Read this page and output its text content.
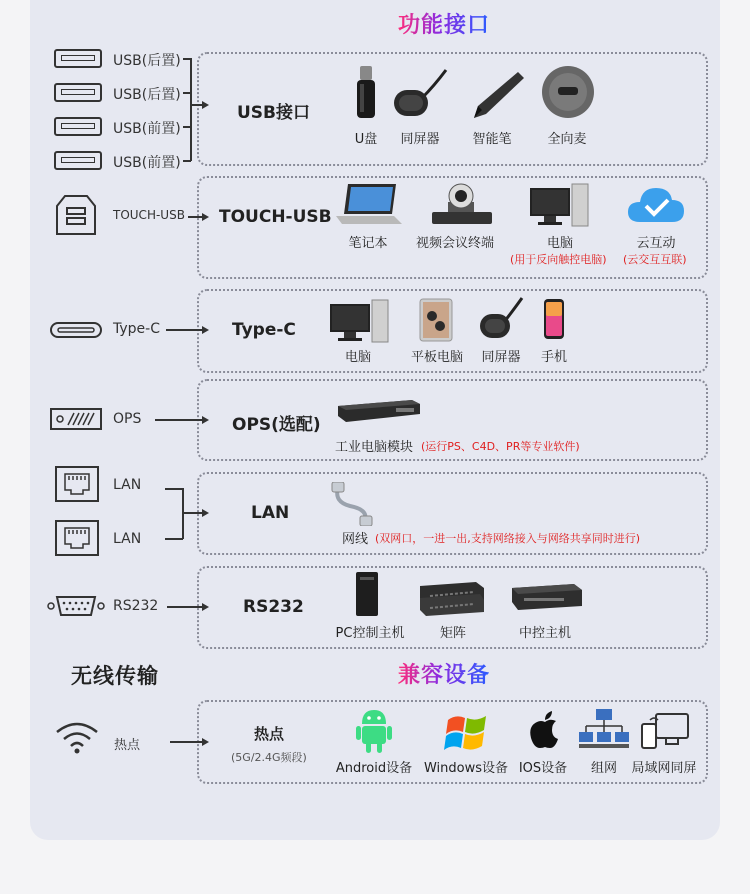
功能接口
USB(后置)
USB(后置)
USB(前置)
USB(前置)
USB接口
U盘 同屏器	智能笔	全向麦
TOUCH-USB TOUCH-USB
笔记本 视频会议终端	电脑	云互动
(用于反向触控电脑) (云交互互联)
Type-C	Type-C
电脑	平板电脑 同屏器 手机
OPS	OPS(选配)
工业电脑模块 (运行PS、C4D、PR等专业软件)
LAN
LAN
LAN
网线 (双网口，一进一出,支持网络接入与网络共享同时进行)
RS232	RS232
PC控制主机	矩阵	中控主机
无线传输	兼容设备
热点
热点
(5G/2.4G频段)
Android设备 Windows设备 IOS设备 组网 局域网同屏
